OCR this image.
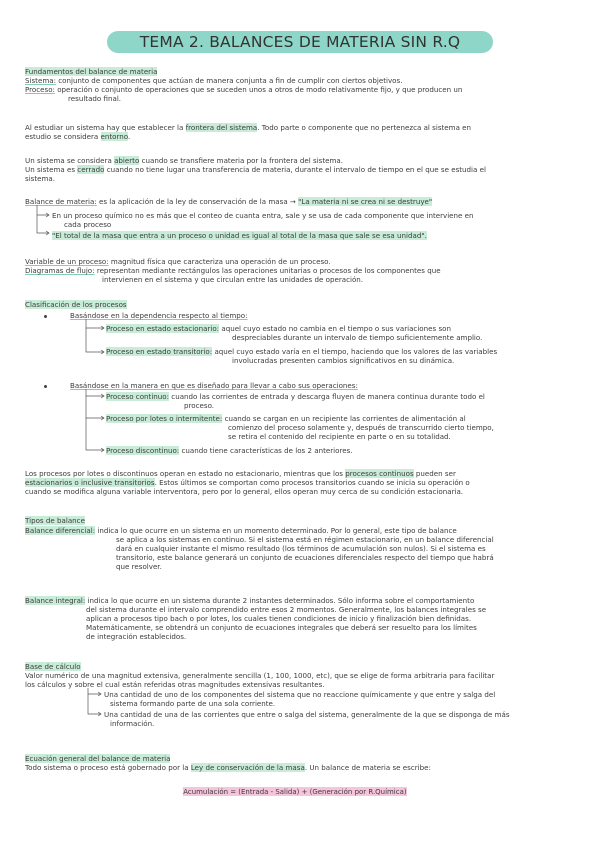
TEMA 2. BALANCES DE MATERIA SIN R.Q
Fundamentos del balance de materia
Sistema: conjunto de componentes que actúan de manera conjunta a fin de cumplir con ciertos objetivos.
Proceso: operación o conjunto de operaciones que se suceden unos a otros de modo relativamente fijo, y que producen un
resultado final.
Al estudiar un sistema hay que establecer la frontera del sistema. Todo parte o componente que no pertenezca al sistema en
estudio se considera entorno.
Un sistema se considera abierto cuando se transfiere materia por la frontera del sistema.
Un sistema es cerrado cuando no tiene lugar una transferencia de materia, durante el intervalo de tiempo en el que se estudia el
sistema.
Balance de materia: es la aplicación de la ley de conservación de la masa → "La materia ni se crea ni se destruye"
En un proceso químico no es más que el conteo de cuanta entra, sale y se usa de cada componente que interviene en
cada proceso
"El total de la masa que entra a un proceso o unidad es igual al total de la masa que sale se esa unidad".
Variable de un proceso: magnitud física que caracteriza una operación de un proceso.
Diagramas de flujo: representan mediante rectángulos las operaciones unitarias o procesos de los componentes que
intervienen en el sistema y que circulan entre las unidades de operación.
Clasificación de los procesos
Basándose en la dependencia respecto al tiempo:
Proceso en estado estacionario: aquel cuyo estado no cambia en el tiempo o sus variaciones son
despreciables durante un intervalo de tiempo suficientemente amplio.
Proceso en estado transitorio: aquel cuyo estado varía en el tiempo, haciendo que los valores de las variables
involucradas presenten cambios significativos en su dinámica.
Basándose en la manera en que es diseñado para llevar a cabo sus operaciones:
Proceso continuo: cuando las corrientes de entrada y descarga fluyen de manera continua durante todo el
proceso.
Proceso por lotes o intermitente: cuando se cargan en un recipiente las corrientes de alimentación al
comienzo del proceso solamente y, después de transcurrido cierto tiempo,
se retira el contenido del recipiente en parte o en su totalidad.
Proceso discontinuo: cuando tiene características de los 2 anteriores.
Los procesos por lotes o discontinuos operan en estado no estacionario, mientras que los procesos continuos pueden ser
estacionarios o inclusive transitorios. Estos últimos se comportan como procesos transitorios cuando se inicia su operación o
cuando se modifica alguna variable interventora, pero por lo general, ellos operan muy cerca de su condición estacionaria.
Tipos de balance
Balance diferencial: indica lo que ocurre en un sistema en un momento determinado. Por lo general, este tipo de balance
se aplica a los sistemas en continuo. Si el sistema está en régimen estacionario, en un balance diferencial
dará en cualquier instante el mismo resultado (los términos de acumulación son nulos). Si el sistema es
transitorio, este balance generará un conjunto de ecuaciones diferenciales respecto del tiempo que habrá
que resolver.
Balance integral: indica lo que ocurre en un sistema durante 2 instantes determinados. Sólo informa sobre el comportamiento
del sistema durante el intervalo comprendido entre esos 2 momentos. Generalmente, los balances integrales se
aplican a procesos tipo bach o por lotes, los cuales tienen condiciones de inicio y finalización bien definidas.
Matemáticamente, se obtendrá un conjunto de ecuaciones integrales que deberá ser resuelto para los límites
de integración establecidos.
Base de cálculo
Valor numérico de una magnitud extensiva, generalmente sencilla (1, 100, 1000, etc), que se elige de forma arbitraria para facilitar
los cálculos y sobre el cual están referidas otras magnitudes extensivas resultantes.
Una cantidad de uno de los componentes del sistema que no reaccione químicamente y que entre y salga del
sistema formando parte de una sola corriente.
Una cantidad de una de las corrientes que entre o salga del sistema, generalmente de la que se disponga de más
información.
Ecuación general del balance de materia
Todo sistema o proceso está gobernado por la Ley de conservación de la masa. Un balance de materia se escribe:
Acumulación = (Entrada - Salida) + (Generación por R.Química)
